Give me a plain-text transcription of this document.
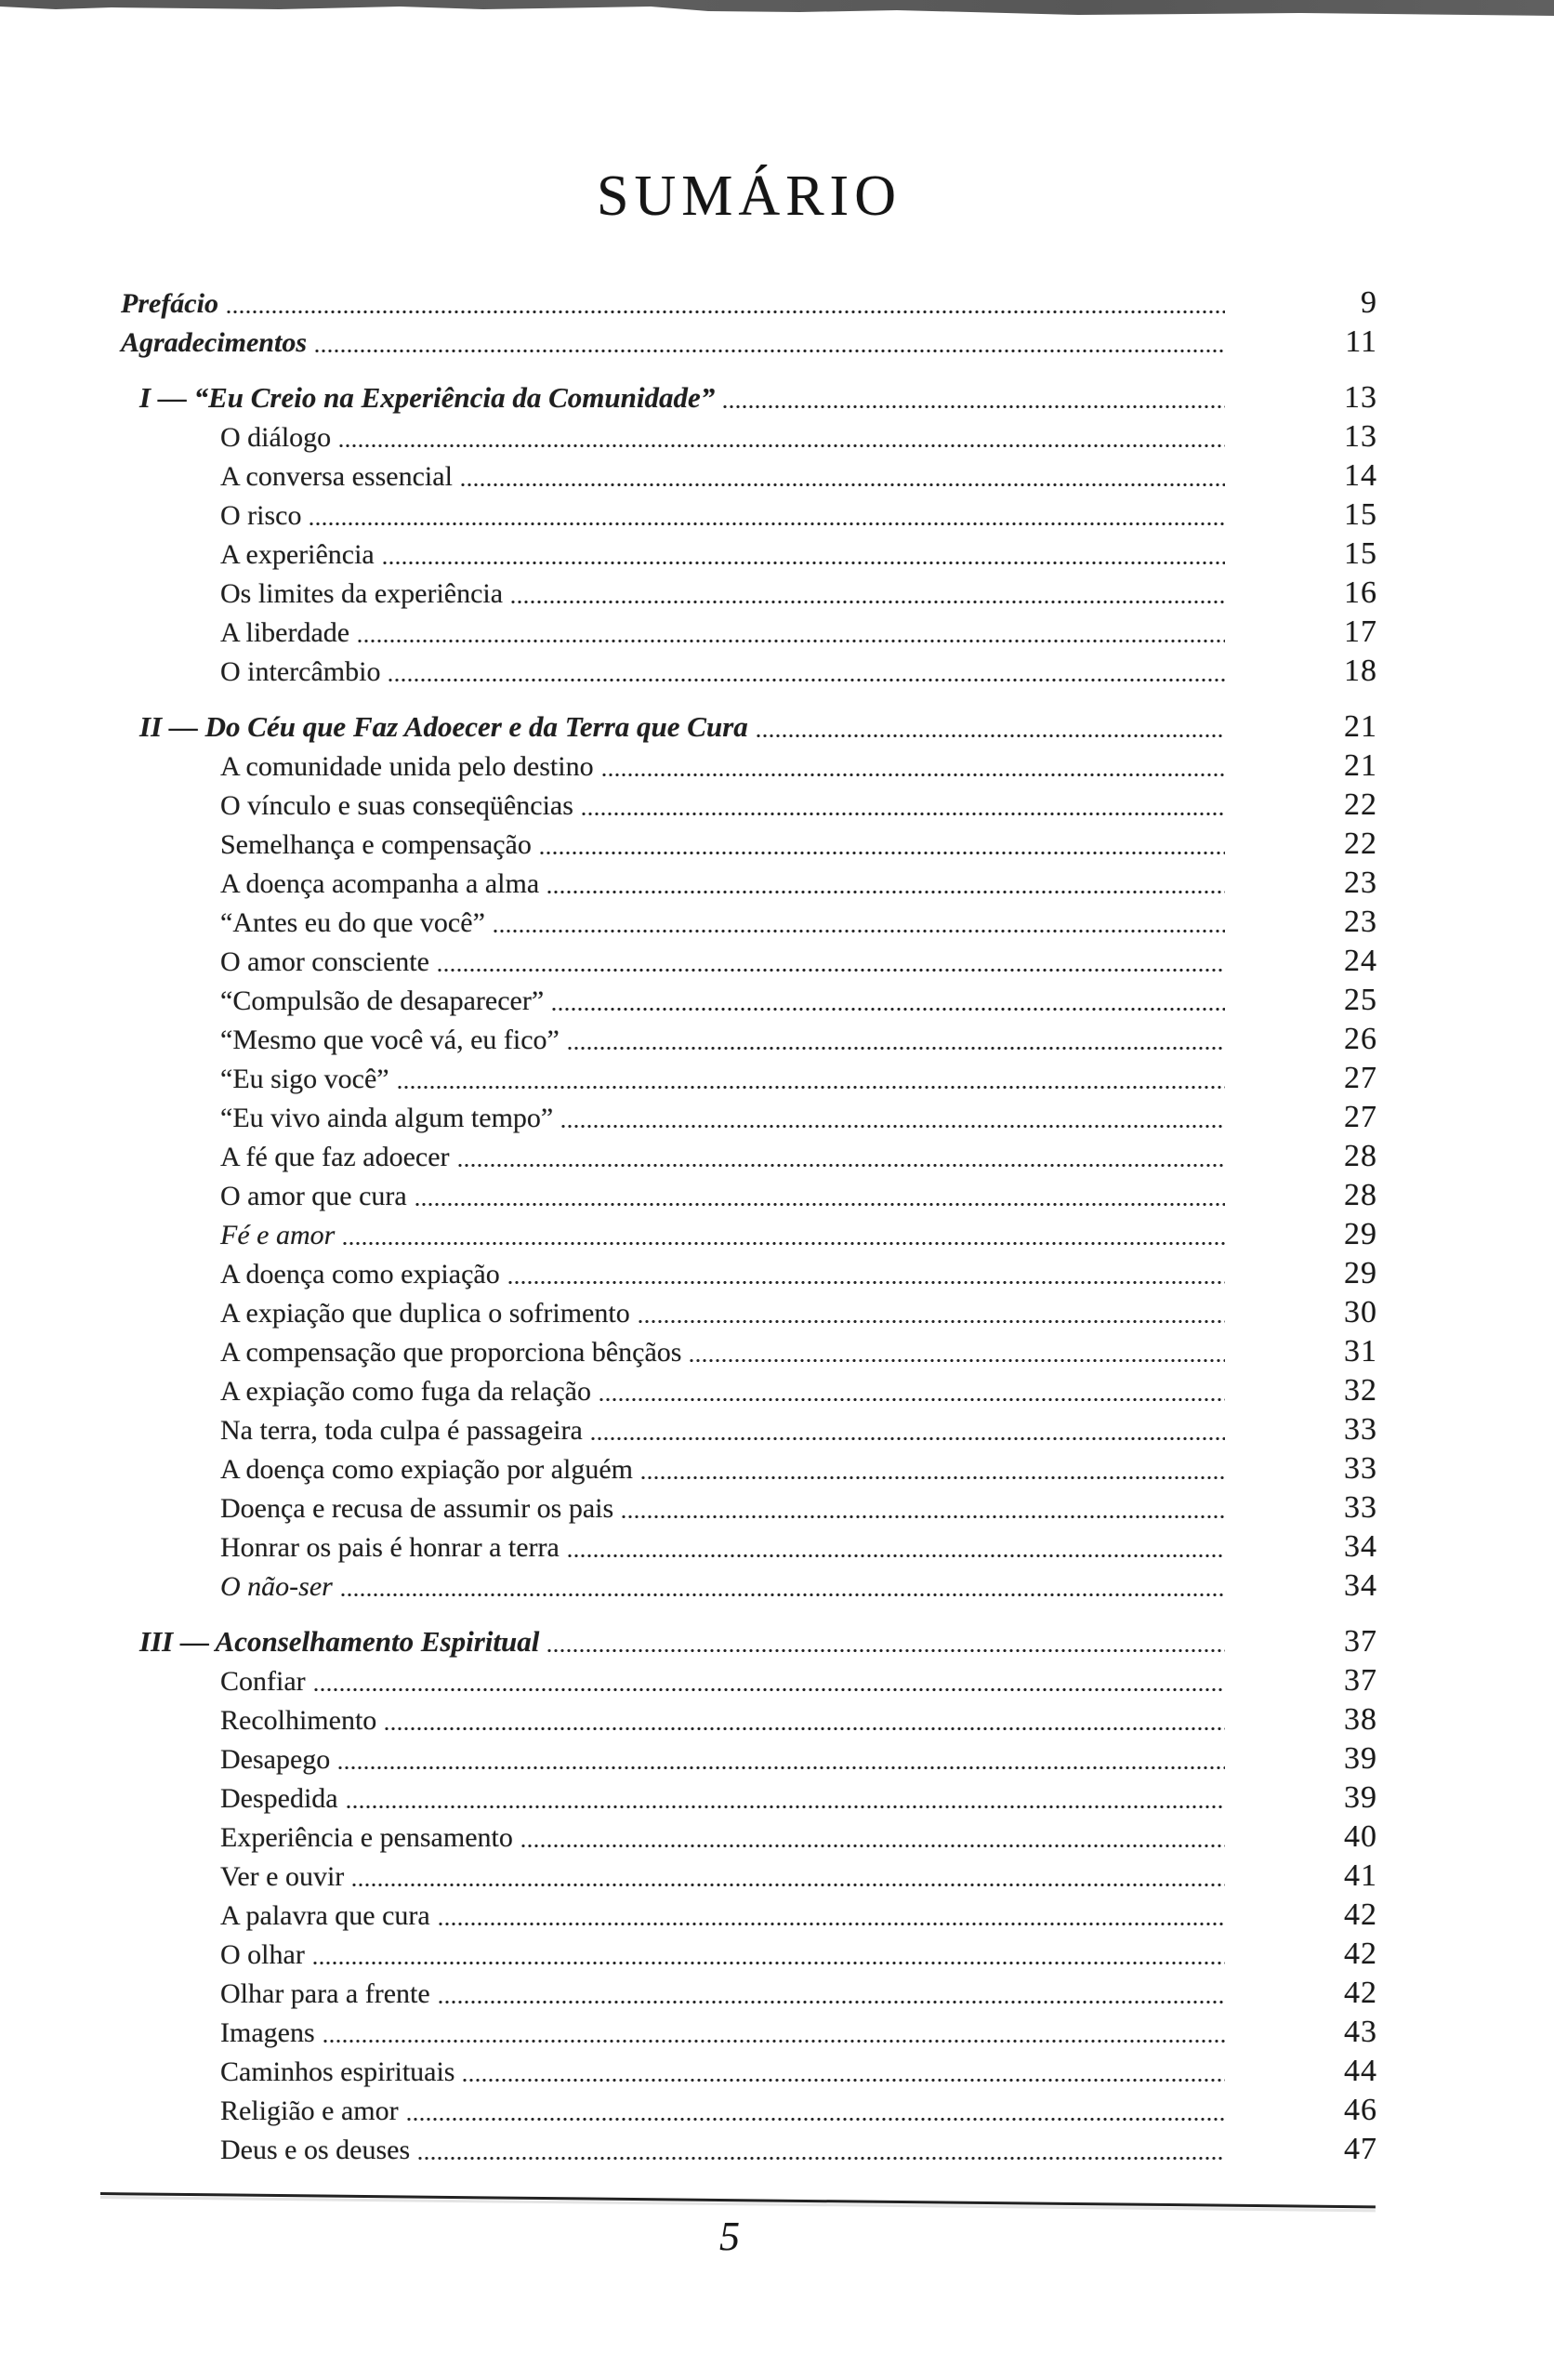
SUMÁRIO
Prefácio	9
Agradecimentos	11
I — “Eu Creio na Experiência da Comunidade”	13
O diálogo	13
A conversa essencial	14
O risco	15
A experiência	15
Os limites da experiência	16
A liberdade	17
O intercâmbio	18
II — Do Céu que Faz Adoecer e da Terra que Cura	21
A comunidade unida pelo destino	21
O vínculo e suas conseqüências	22
Semelhança e compensação	22
A doença acompanha a alma	23
“Antes eu do que você”	23
O amor consciente	24
“Compulsão de desaparecer”	25
“Mesmo que você vá, eu fico”	26
“Eu sigo você”	27
“Eu vivo ainda algum tempo”	27
A fé que faz adoecer	28
O amor que cura	28
Fé e amor	29
A doença como expiação	29
A expiação que duplica o sofrimento	30
A compensação que proporciona bênçãos	31
A expiação como fuga da relação	32
Na terra, toda culpa é passageira	33
A doença como expiação por alguém	33
Doença e recusa de assumir os pais	33
Honrar os pais é honrar a terra	34
O não-ser	34
III — Aconselhamento Espiritual	37
Confiar	37
Recolhimento	38
Desapego	39
Despedida	39
Experiência e pensamento	40
Ver e ouvir	41
A palavra que cura	42
O olhar	42
Olhar para a frente	42
Imagens	43
Caminhos espirituais	44
Religião e amor	46
Deus e os deuses	47
5
